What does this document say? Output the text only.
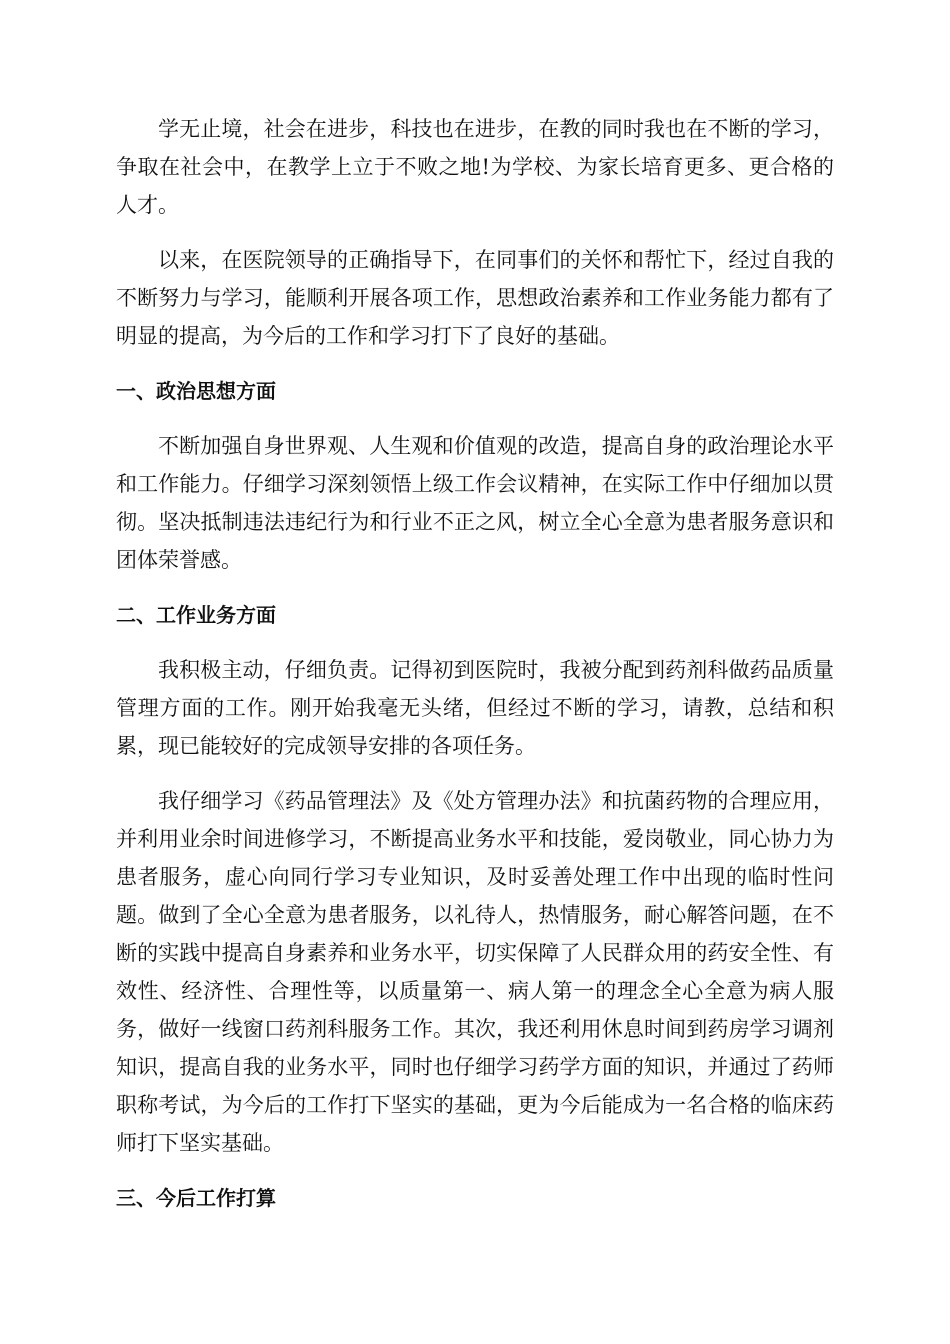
学无止境，社会在进步，科技也在进步，在教的同时我也在不断的学习，争取在社会中，在教学上立于不败之地!为学校、为家长培育更多、更合格的人才。

以来，在医院领导的正确指导下，在同事们的关怀和帮忙下，经过自我的不断努力与学习，能顺利开展各项工作，思想政治素养和工作业务能力都有了明显的提高，为今后的工作和学习打下了良好的基础。

一、政治思想方面

不断加强自身世界观、人生观和价值观的改造，提高自身的政治理论水平和工作能力。仔细学习深刻领悟上级工作会议精神，在实际工作中仔细加以贯彻。坚决抵制违法违纪行为和行业不正之风，树立全心全意为患者服务意识和团体荣誉感。

二、工作业务方面

我积极主动，仔细负责。记得初到医院时，我被分配到药剂科做药品质量管理方面的工作。刚开始我毫无头绪，但经过不断的学习，请教，总结和积累，现已能较好的完成领导安排的各项任务。

我仔细学习《药品管理法》及《处方管理办法》和抗菌药物的合理应用，并利用业余时间进修学习，不断提高业务水平和技能，爱岗敬业，同心协力为患者服务，虚心向同行学习专业知识，及时妥善处理工作中出现的临时性问题。做到了全心全意为患者服务，以礼待人，热情服务，耐心解答问题，在不断的实践中提高自身素养和业务水平，切实保障了人民群众用的药安全性、有效性、经济性、合理性等，以质量第一、病人第一的理念全心全意为病人服务，做好一线窗口药剂科服务工作。其次，我还利用休息时间到药房学习调剂知识，提高自我的业务水平，同时也仔细学习药学方面的知识，并通过了药师职称考试，为今后的工作打下坚实的基础，更为今后能成为一名合格的临床药师打下坚实基础。

三、今后工作打算
